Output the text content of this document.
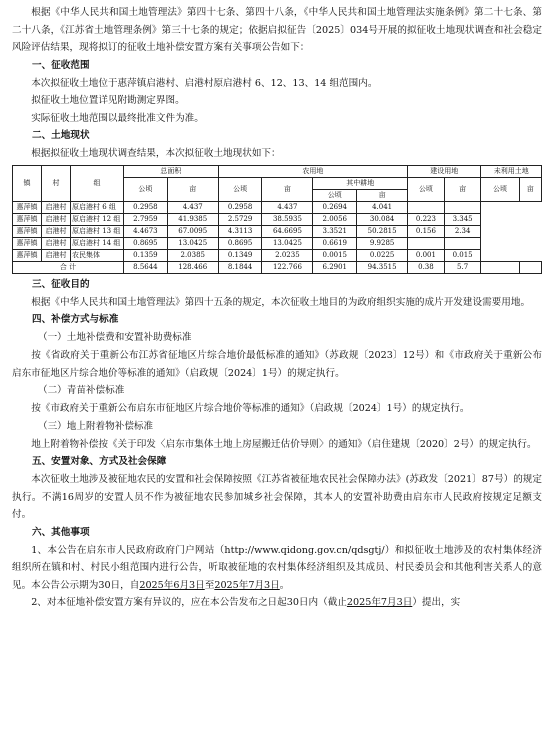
根据《中华人民共和国土地管理法》第四十七条、第四十八条，《中华人民共和国土地管理法实施条例》第二十七条、第二十八条，《江苏省土地管理条例》第三十七条的规定；依据启拟征告〔2025〕034号开展的拟征收土地现状调查和社会稳定风险评估结果，现将拟订的征收土地补偿安置方案有关事项公告如下：

一、征收范围

本次拟征收土地位于惠萍镇启港村、启港村原启港村 6、12、13、14 组范围内。

拟征收土地位置详见附勘测定界图。

实际征收土地范围以最终批准文件为准。

二、土地现状

根据拟征收土地现状调查结果，本次拟征收土地现状如下：

镇	村	组	总面积		农用地				建设用地		未利用土地	
			公顷	亩	公顷	亩	其中耕地		公顷	亩	公顷	亩
							公顷	亩				
惠萍镇	启港村	原启港村 6 组	0.2958	4.437	0.2958	4.437	0.2694	4.041				
惠萍镇	启港村	原启港村 12 组	2.7959	41.9385	2.5729	38.5935	2.0056	30.084	0.223	3.345		
惠萍镇	启港村	原启港村 13 组	4.4673	67.0095	4.3113	64.6695	3.3521	50.2815	0.156	2.34		
惠萍镇	启港村	原启港村 14 组	0.8695	13.0425	0.8695	13.0425	0.6619	9.9285				
惠萍镇	启港村	农民集体	0.1359	2.0385	0.1349	2.0235	0.0015	0.0225	0.001	0.015		
合 计			8.5644	128.466	8.1844	122.766	6.2901	94.3515	0.38	5.7		

三、征收目的

根据《中华人民共和国土地管理法》第四十五条的规定，本次征收土地目的为政府组织实施的成片开发建设需要用地。

四、补偿方式与标准

（一）土地补偿费和安置补助费标准

按《省政府关于重新公布江苏省征地区片综合地价最低标准的通知》（苏政规〔2023〕12号）和《市政府关于重新公布启东市征地区片综合地价等标准的通知》（启政规〔2024〕1号）的规定执行。

（二）青苗补偿标准

按《市政府关于重新公布启东市征地区片综合地价等标准的通知》（启政规〔2024〕1号）的规定执行。

（三）地上附着物补偿标准

地上附着物补偿按《关于印发〈启东市集体土地上房屋搬迁估价导则〉的通知》（启住建规〔2020〕2号）的规定执行。

五、安置对象、方式及社会保障

本次征收土地涉及被征地农民的安置和社会保障按照《江苏省被征地农民社会保障办法》(苏政发〔2021〕87号）的规定执行。不满16周岁的安置人员不作为被征地农民参加城乡社会保障，其本人的安置补助费由启东市人民政府按规定足额支付。

六、其他事项

1、本公告在启东市人民政府政府门户网站（http://www.qidong.gov.cn/qdsgtj/）和拟征收土地涉及的农村集体经济组织所在镇和村、村民小组范围内进行公告，听取被征地的农村集体经济组织及其成员、村民委员会和其他利害关系人的意见。本公告公示期为30日，自2025年6月3日至2025年7月3日。

2、对本征地补偿安置方案有异议的，应在本公告发布之日起30日内（截止2025年7月3日）提出，实
